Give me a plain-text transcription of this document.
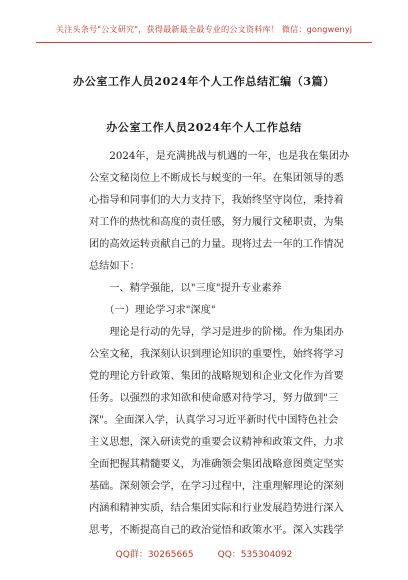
关注头条号"公文研究"，获得最新最全最专业的公文资料库！ 微信：gongwenyj
办公室工作人员2024年个人工作总结汇编（3篇）
办公室工作人员2024年个人工作总结
　　2024年，是充满挑战与机遇的一年，也是我在集团办
公室文秘岗位上不断成长与蜕变的一年。在集团领导的悉
心指导和同事们的大力支持下，我始终坚守岗位，秉持着
对工作的热忱和高度的责任感，努力履行文秘职责，为集
团的高效运转贡献自己的力量。现将过去一年的工作情况
总结如下：
　　一、精学强能，以"三度"提升专业素养
　　（一）理论学习求"深度"
　　理论是行动的先导，学习是进步的阶梯。作为集团办
公室文秘，我深刻认识到理论知识的重要性，始终将学习
党的理论方针政策、集团的战略规划和企业文化作为首要
任务。以强烈的求知欲和使命感对待学习，努力做到"三
深"。全面深入学，认真学习习近平新时代中国特色社会
主义思想，深入研读党的重要会议精神和政策文件，力求
全面把握其精髓要义，为准确领会集团战略意图奠定坚实
基础。深刻领会学，在学习过程中，注重理解理论的深刻
内涵和精神实质，结合集团实际和行业发展趋势进行深入
思考，不断提高自己的政治觉悟和政策水平。深入实践学
QQ群：30265665	QQ：535304092
